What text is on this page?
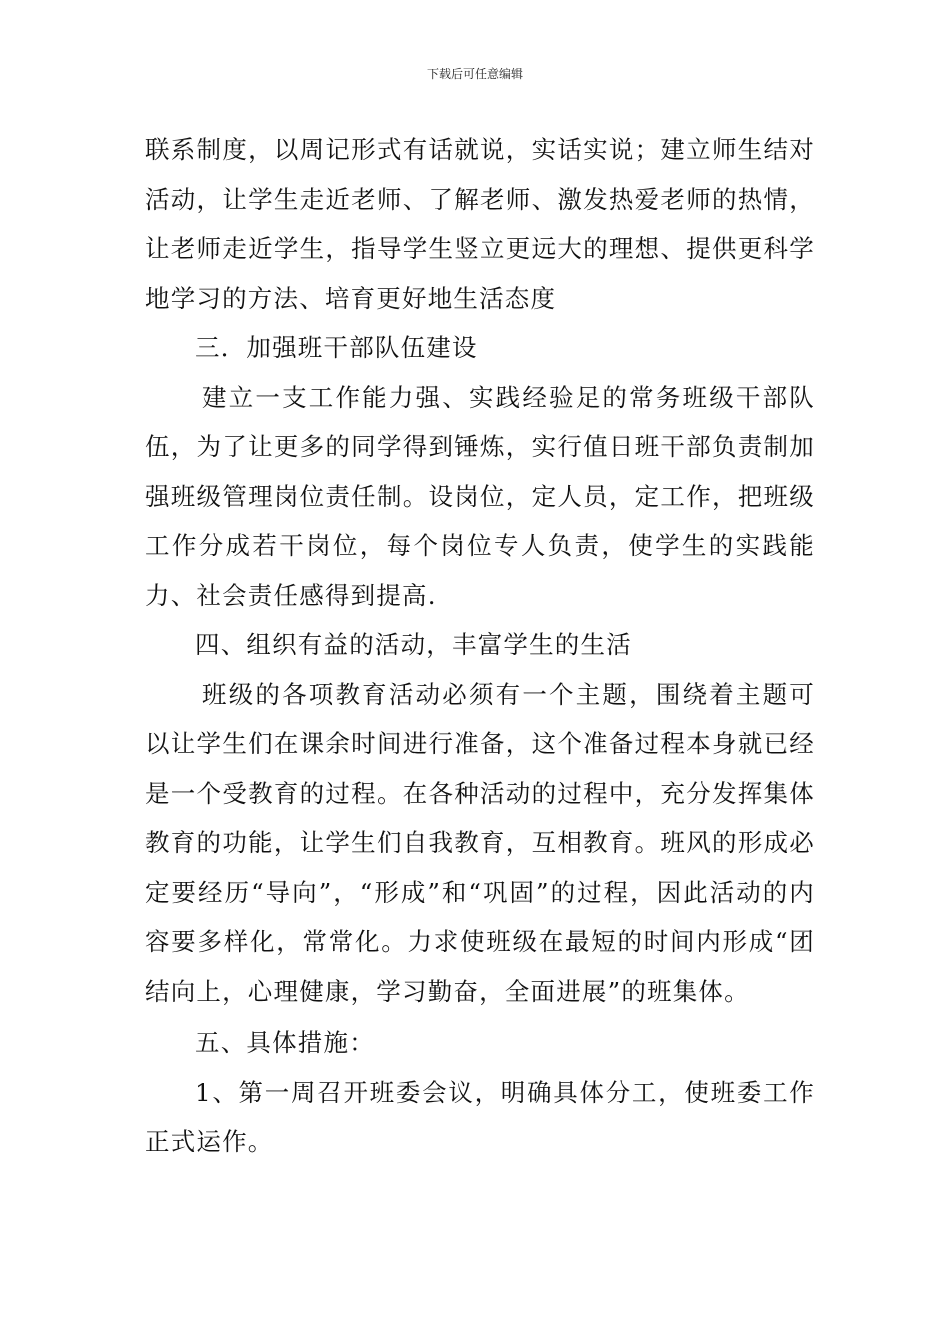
下载后可任意编辑

联系制度，以周记形式有话就说，实话实说；建立师生结对活动，让学生走近老师、了解老师、激发热爱老师的热情，让老师走近学生，指导学生竖立更远大的理想、提供更科学地学习的方法、培育更好地生活态度

三．加强班干部队伍建设

建立一支工作能力强、实践经验足的常务班级干部队伍，为了让更多的同学得到锤炼，实行值日班干部负责制加强班级管理岗位责任制。设岗位，定人员，定工作，把班级工作分成若干岗位，每个岗位专人负责，使学生的实践能力、社会责任感得到提高.

四、组织有益的活动，丰富学生的生活

班级的各项教育活动必须有一个主题，围绕着主题可以让学生们在课余时间进行准备，这个准备过程本身就已经是一个受教育的过程。在各种活动的过程中，充分发挥集体教育的功能，让学生们自我教育，互相教育。班风的形成必定要经历“导向”，“形成”和“巩固”的过程，因此活动的内容要多样化，常常化。力求使班级在最短的时间内形成“团结向上，心理健康，学习勤奋，全面进展”的班集体。

五、具体措施：

1、第一周召开班委会议，明确具体分工，使班委工作正式运作。
